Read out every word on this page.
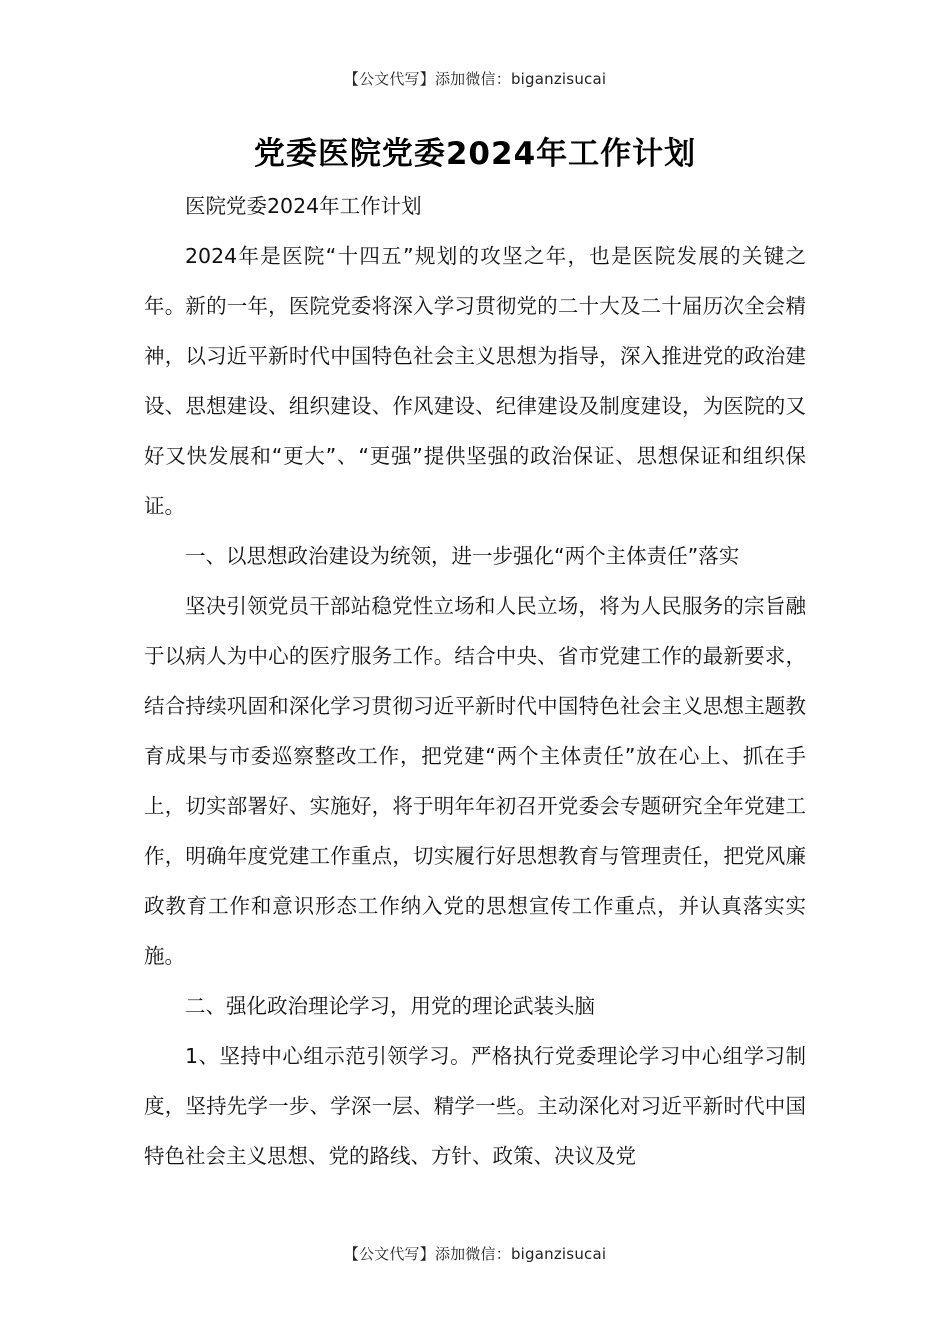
【公文代写】添加微信：biganzisucai
党委医院党委2024年工作计划

医院党委2024年工作计划

2024年是医院“十四五”规划的攻坚之年，也是医院发展的关键之年。新的一年，医院党委将深入学习贯彻党的二十大及二十届历次全会精神，以习近平新时代中国特色社会主义思想为指导，深入推进党的政治建设、思想建设、组织建设、作风建设、纪律建设及制度建设，为医院的又好又快发展和“更大”、“更强”提供坚强的政治保证、思想保证和组织保证。

一、以思想政治建设为统领，进一步强化“两个主体责任”落实

坚决引领党员干部站稳党性立场和人民立场，将为人民服务的宗旨融于以病人为中心的医疗服务工作。结合中央、省市党建工作的最新要求，结合持续巩固和深化学习贯彻习近平新时代中国特色社会主义思想主题教育成果与市委巡察整改工作，把党建“两个主体责任”放在心上、抓在手上，切实部署好、实施好，将于明年年初召开党委会专题研究全年党建工作，明确年度党建工作重点，切实履行好思想教育与管理责任，把党风廉政教育工作和意识形态工作纳入党的思想宣传工作重点，并认真落实实施。

二、强化政治理论学习，用党的理论武装头脑

1、坚持中心组示范引领学习。严格执行党委理论学习中心组学习制度，坚持先学一步、学深一层、精学一些。主动深化对习近平新时代中国特色社会主义思想、党的路线、方针、政策、决议及党

【公文代写】添加微信：biganzisucai
